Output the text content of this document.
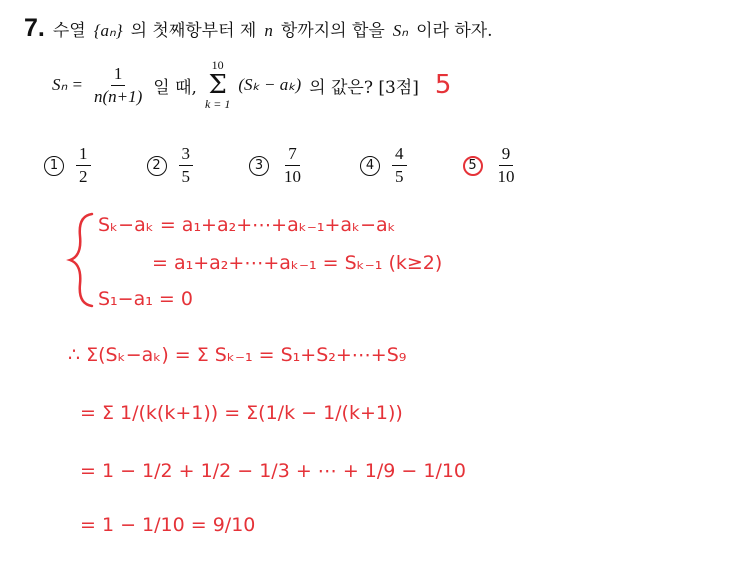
7. 수열 {aₙ} 의 첫째항부터 제 n 항까지의 합을 Sₙ 이라 하자.
$S_n = \frac{1}{n(n+1)}$ 일 때,
10
Σ
k = 1
(Sₖ − aₖ) 의 값은? [3점] 5
1	$\frac{1}{2}$	2	$\frac{3}{5}$	3	$\frac{7}{10}$	4	$\frac{4}{5}$	5	$\frac{9}{10}$
Sₖ−aₖ = a₁+a₂+⋯+aₖ₋₁+aₖ−aₖ
= a₁+a₂+⋯+aₖ₋₁ = Sₖ₋₁ (k≥2)
S₁−a₁ = 0
∴ Σ(Sₖ−aₖ) = Σ Sₖ₋₁ = S₁+S₂+⋯+S₉
= Σ 1/(k(k+1)) = Σ(1/k − 1/(k+1))
= 1 − 1/2 + 1/2 − 1/3 + ⋯ + 1/9 − 1/10
= 1 − 1/10 = 9/10
